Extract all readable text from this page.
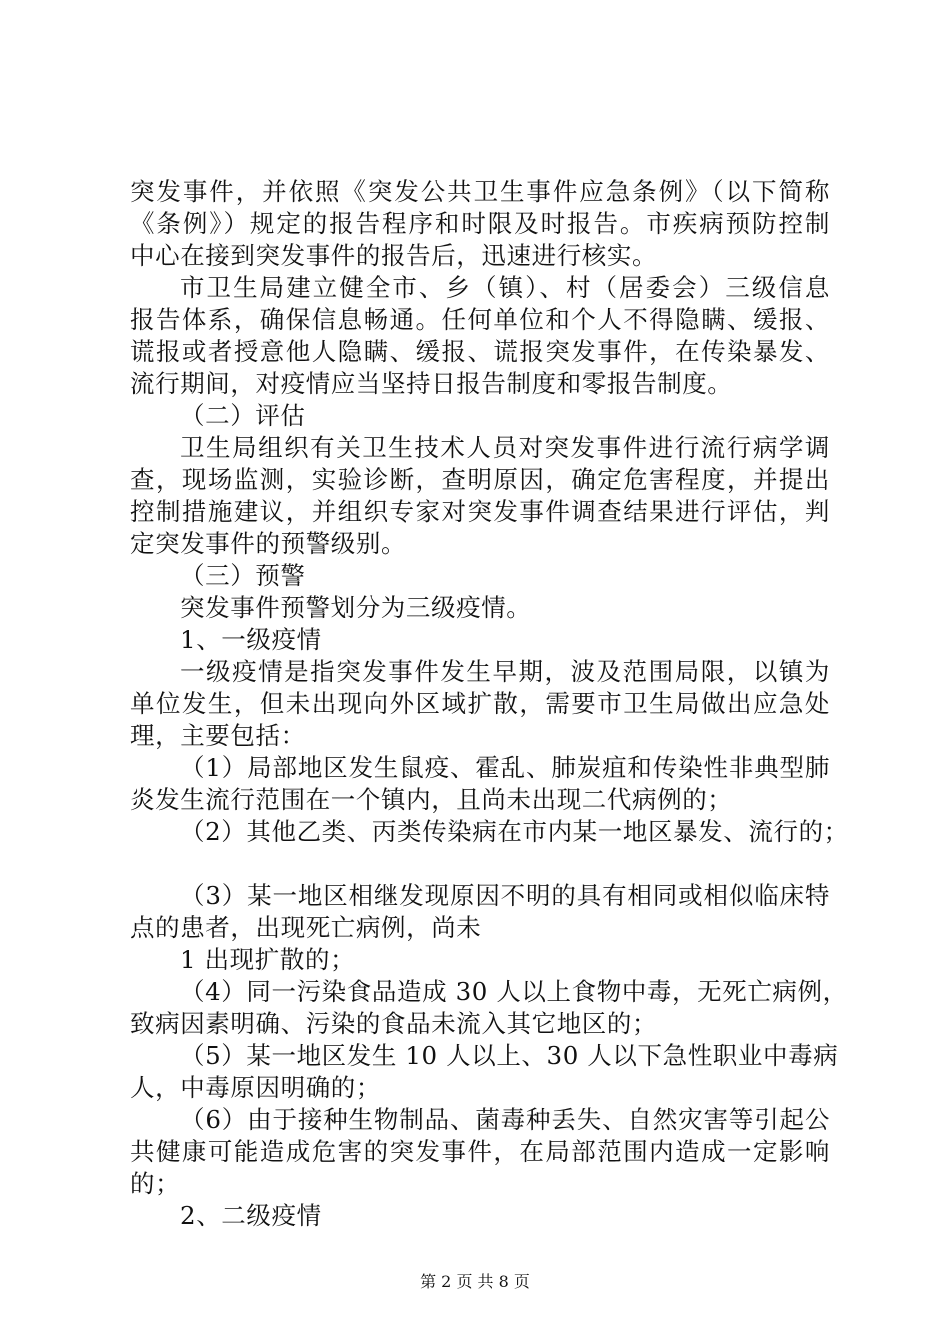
突发事件，并依照《突发公共卫生事件应急条例》（以下简称
《条例》）规定的报告程序和时限及时报告。市疾病预防控制
中心在接到突发事件的报告后，迅速进行核实。
市卫生局建立健全市、乡（镇）、村（居委会）三级信息
报告体系，确保信息畅通。任何单位和个人不得隐瞒、缓报、
谎报或者授意他人隐瞒、缓报、谎报突发事件，在传染暴发、
流行期间，对疫情应当坚持日报告制度和零报告制度。
（二）评估
卫生局组织有关卫生技术人员对突发事件进行流行病学调
查，现场监测，实验诊断，查明原因，确定危害程度，并提出
控制措施建议，并组织专家对突发事件调查结果进行评估，判
定突发事件的预警级别。
（三）预警
突发事件预警划分为三级疫情。
1、一级疫情
一级疫情是指突发事件发生早期，波及范围局限，以镇为
单位发生，但未出现向外区域扩散，需要市卫生局做出应急处
理，主要包括：
（1）局部地区发生鼠疫、霍乱、肺炭疽和传染性非典型肺
炎发生流行范围在一个镇内，且尚未出现二代病例的；
（2）其他乙类、丙类传染病在市内某一地区暴发、流行的；
（3）某一地区相继发现原因不明的具有相同或相似临床特
点的患者，出现死亡病例，尚未
1 出现扩散的；
（4）同一污染食品造成 30 人以上食物中毒，无死亡病例，
致病因素明确、污染的食品未流入其它地区的；
（5）某一地区发生 10 人以上、30 人以下急性职业中毒病
人，中毒原因明确的；
（6）由于接种生物制品、菌毒种丢失、自然灾害等引起公
共健康可能造成危害的突发事件，在局部范围内造成一定影响
的；
2、二级疫情
第 2 页 共 8 页
